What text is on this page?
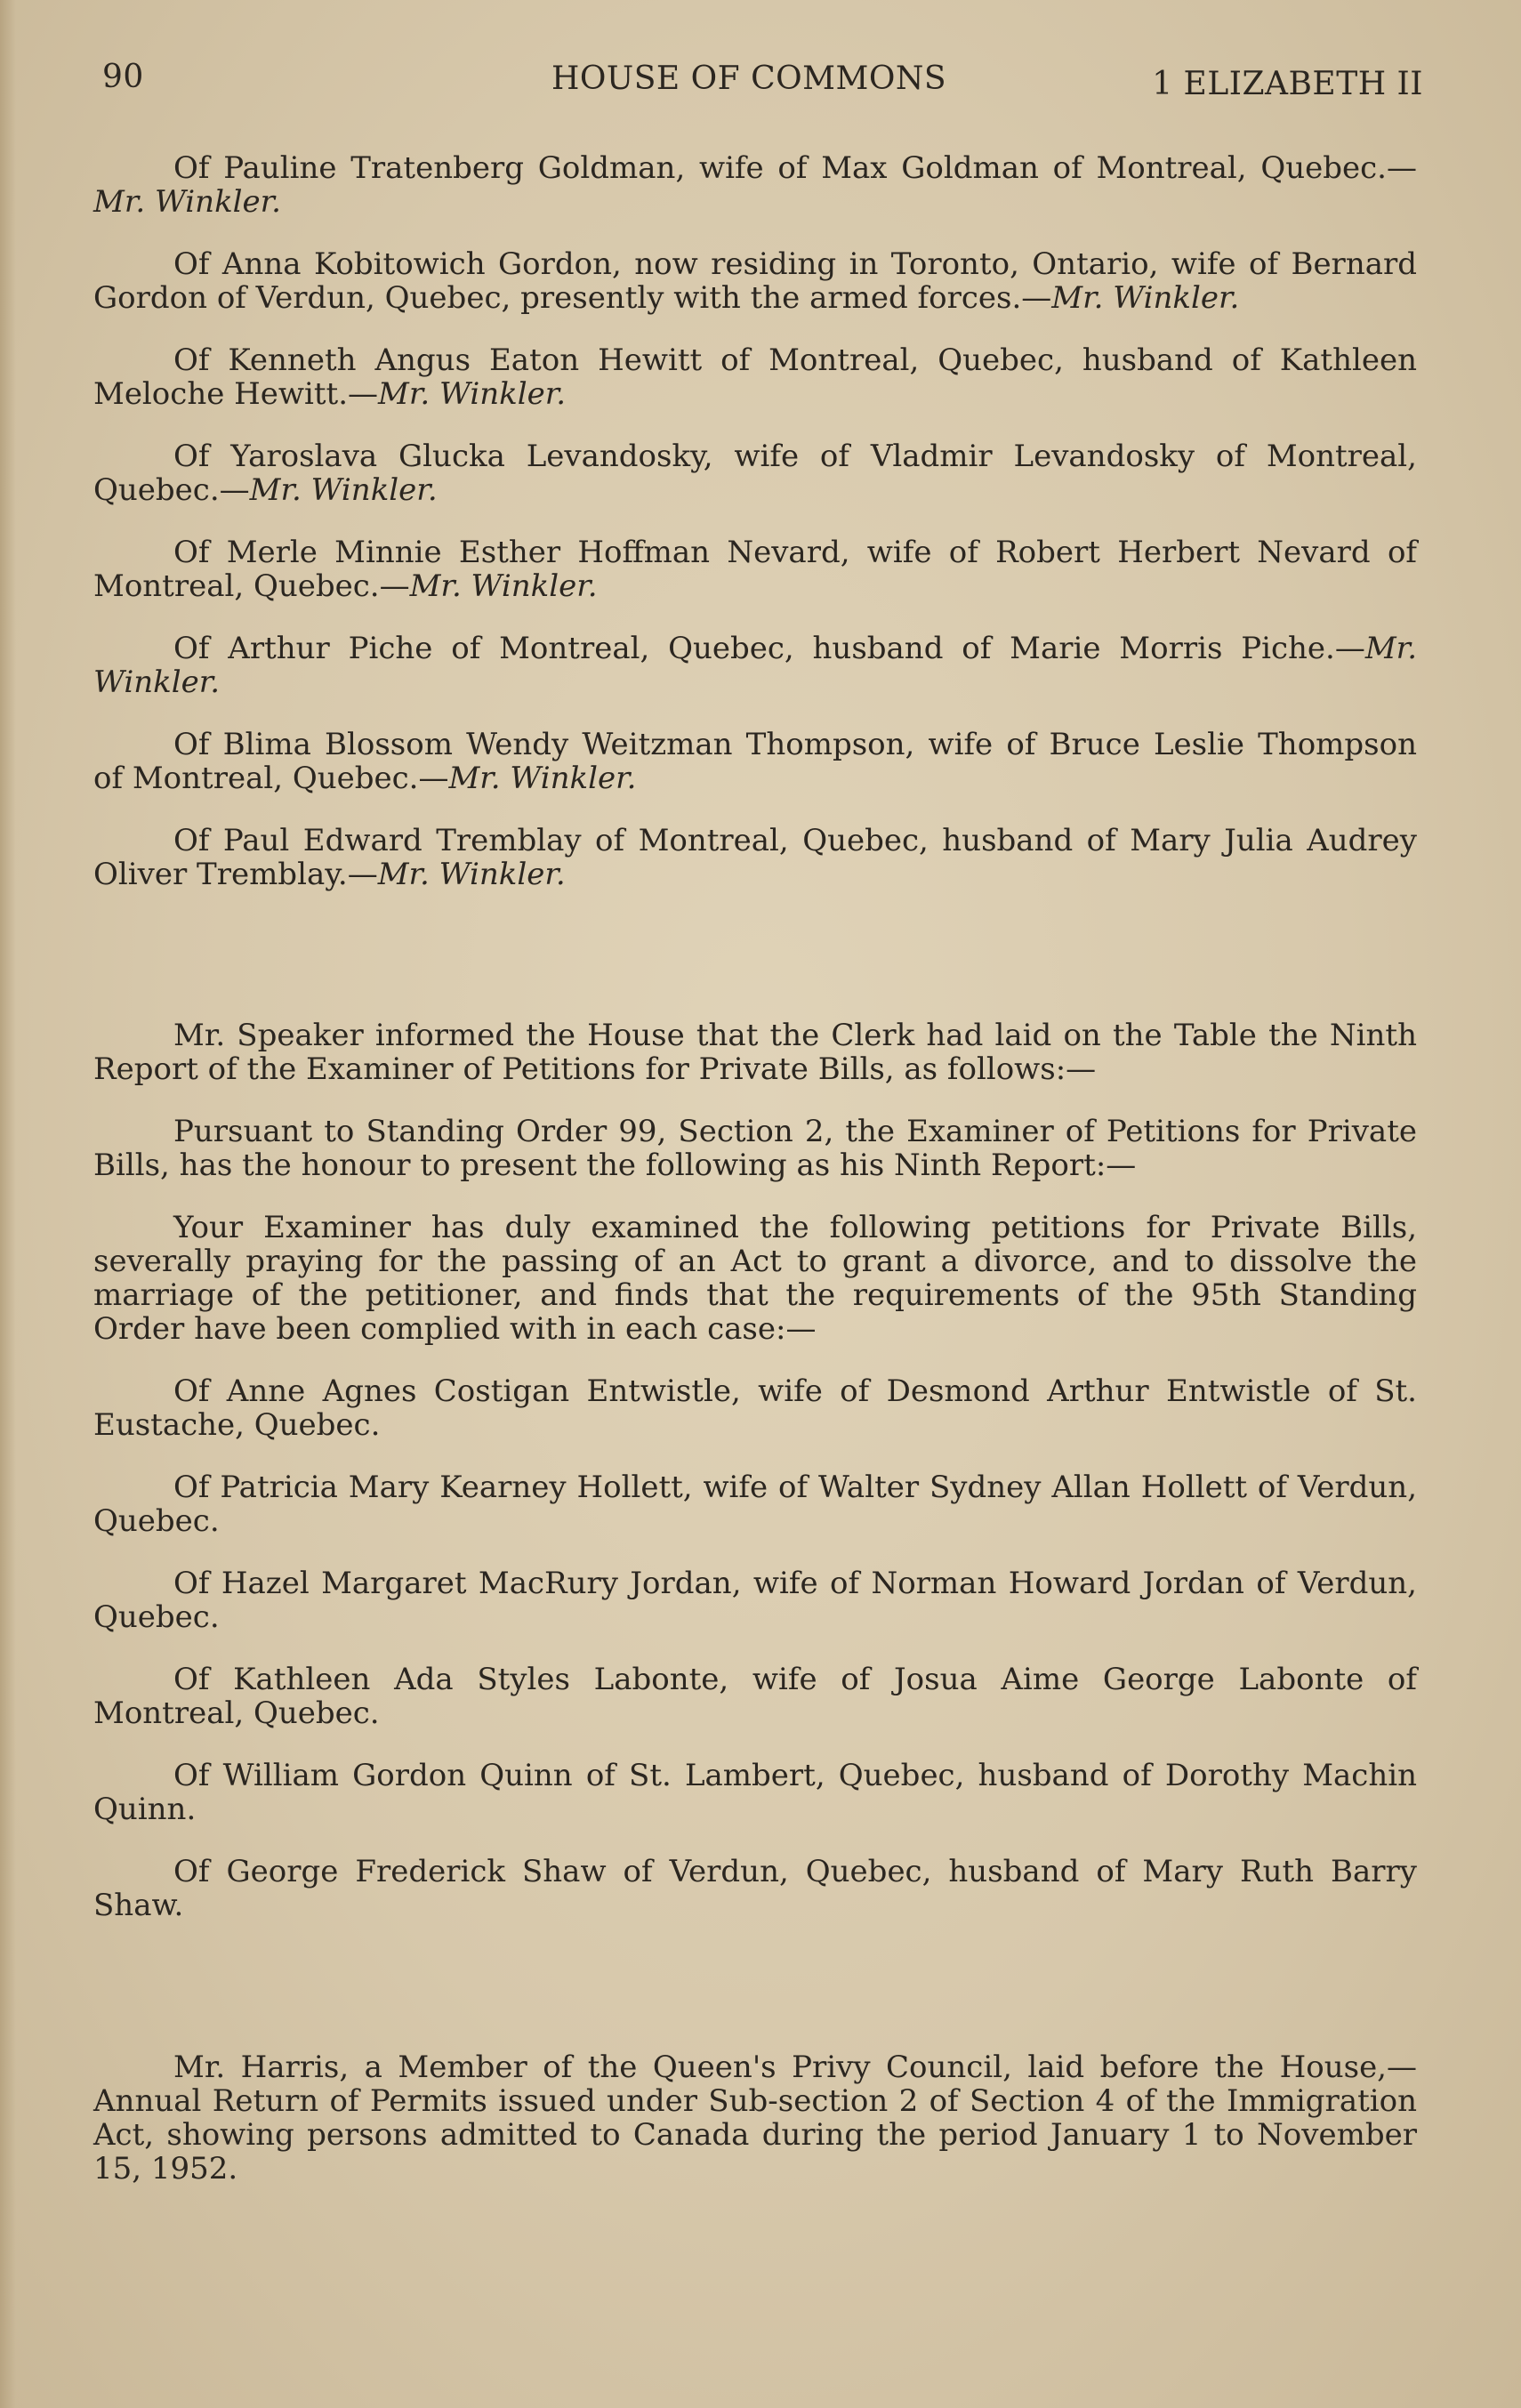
90	HOUSE OF COMMONS	1 ELIZABETH II

Of Pauline Tratenberg Goldman, wife of Max Goldman of Montreal, Quebec.—Mr. Winkler.

Of Anna Kobitowich Gordon, now residing in Toronto, Ontario, wife of Bernard Gordon of Verdun, Quebec, presently with the armed forces.—Mr. Winkler.

Of Kenneth Angus Eaton Hewitt of Montreal, Quebec, husband of Kathleen Meloche Hewitt.—Mr. Winkler.

Of Yaroslava Glucka Levandosky, wife of Vladmir Levandosky of Montreal, Quebec.—Mr. Winkler.

Of Merle Minnie Esther Hoffman Nevard, wife of Robert Herbert Nevard of Montreal, Quebec.—Mr. Winkler.

Of Arthur Piche of Montreal, Quebec, husband of Marie Morris Piche.—Mr. Winkler.

Of Blima Blossom Wendy Weitzman Thompson, wife of Bruce Leslie Thompson of Montreal, Quebec.—Mr. Winkler.

Of Paul Edward Tremblay of Montreal, Quebec, husband of Mary Julia Audrey Oliver Tremblay.—Mr. Winkler.

Mr. Speaker informed the House that the Clerk had laid on the Table the Ninth Report of the Examiner of Petitions for Private Bills, as follows:—

Pursuant to Standing Order 99, Section 2, the Examiner of Petitions for Private Bills, has the honour to present the following as his Ninth Report:—

Your Examiner has duly examined the following petitions for Private Bills, severally praying for the passing of an Act to grant a divorce, and to dissolve the marriage of the petitioner, and finds that the requirements of the 95th Standing Order have been complied with in each case:—

Of Anne Agnes Costigan Entwistle, wife of Desmond Arthur Entwistle of St. Eustache, Quebec.

Of Patricia Mary Kearney Hollett, wife of Walter Sydney Allan Hollett of Verdun, Quebec.

Of Hazel Margaret MacRury Jordan, wife of Norman Howard Jordan of Verdun, Quebec.

Of Kathleen Ada Styles Labonte, wife of Josua Aime George Labonte of Montreal, Quebec.

Of William Gordon Quinn of St. Lambert, Quebec, husband of Dorothy Machin Quinn.

Of George Frederick Shaw of Verdun, Quebec, husband of Mary Ruth Barry Shaw.

Mr. Harris, a Member of the Queen's Privy Council, laid before the House,—Annual Return of Permits issued under Sub-section 2 of Section 4 of the Immigration Act, showing persons admitted to Canada during the period January 1 to November 15, 1952.
